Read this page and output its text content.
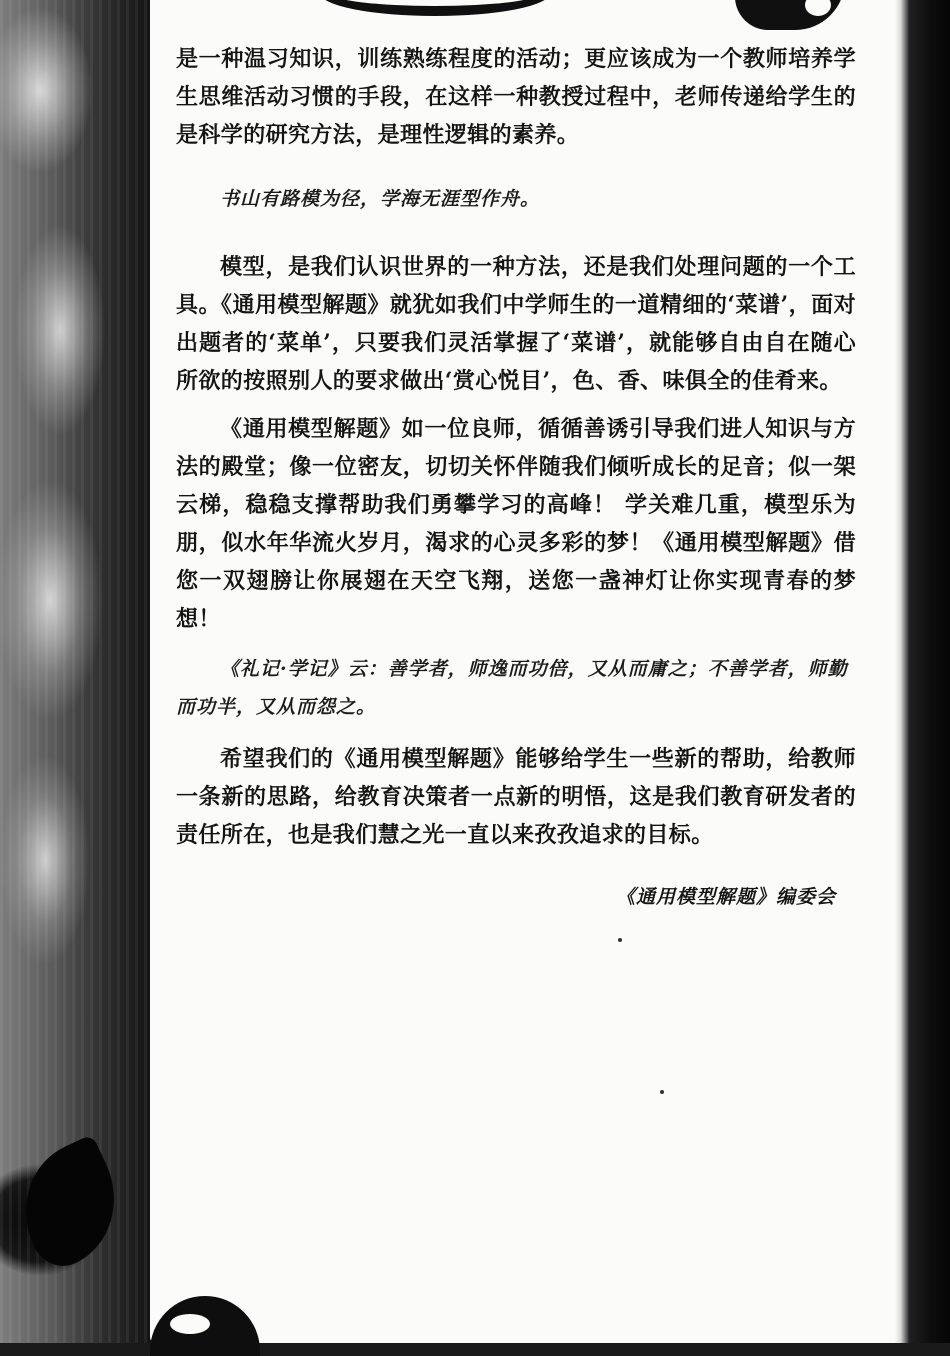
是一种温习知识，训练熟练程度的活动；更应该成为一个教师培养学生思维活动习惯的手段，在这样一种教授过程中，老师传递给学生的是科学的研究方法，是理性逻辑的素养。

书山有路模为径，学海无涯型作舟。

模型，是我们认识世界的一种方法，还是我们处理问题的一个工具。《通用模型解题》就犹如我们中学师生的一道精细的‘菜谱’，面对出题者的‘菜单’，只要我们灵活掌握了‘菜谱’，就能够自由自在随心所欲的按照别人的要求做出‘赏心悦目’，色、香、味俱全的佳肴来。

《通用模型解题》如一位良师，循循善诱引导我们进人知识与方法的殿堂；像一位密友，切切关怀伴随我们倾听成长的足音；似一架云梯，稳稳支撑帮助我们勇攀学习的高峰！ 学关难几重，模型乐为朋，似水年华流火岁月，渴求的心灵多彩的梦！《通用模型解题》借您一双翅膀让你展翅在天空飞翔，送您一盏神灯让你实现青春的梦想！

《礼记·学记》云：善学者，师逸而功倍，又从而庸之；不善学者，师勤而功半，又从而怨之。

希望我们的《通用模型解题》能够给学生一些新的帮助，给教师一条新的思路，给教育决策者一点新的明悟，这是我们教育研发者的责任所在，也是我们慧之光一直以来孜孜追求的目标。

《通用模型解题》编委会
